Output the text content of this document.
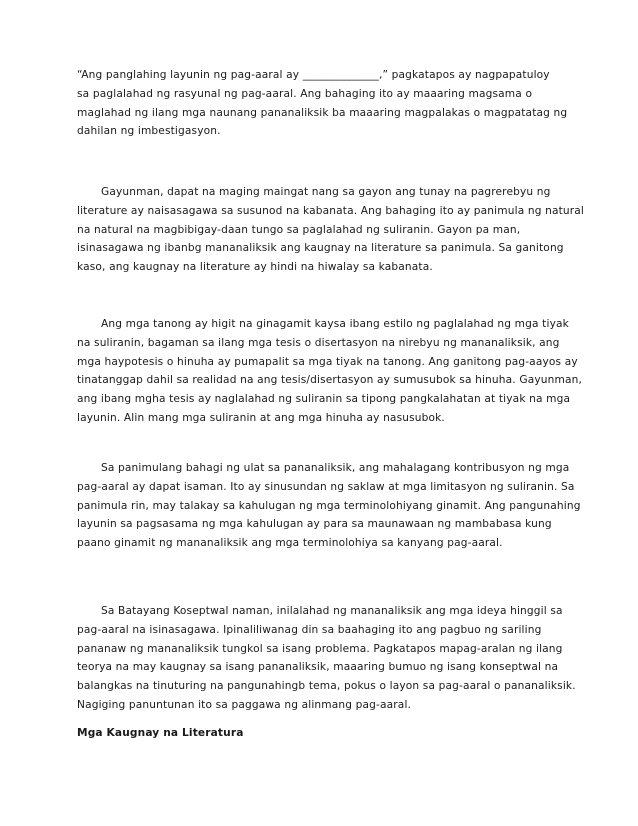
“Ang panglahing layunin ng pag-aaral ay ______________,” pagkatapos ay nagpapatuloy

sa paglalahad ng rasyunal ng pag-aaral. Ang bahaging ito ay maaaring magsama o

maglahad ng ilang mga naunang pananaliksik ba maaaring magpalakas o magpatatag ng

dahilan ng imbestigasyon.

Gayunman, dapat na maging maingat nang sa gayon ang tunay na pagrerebyu ng

literature ay naisasagawa sa susunod na kabanata. Ang bahaging ito ay panimula ng natural

na natural na magbibigay-daan tungo sa paglalahad ng suliranin. Gayon pa man,

isinasagawa ng ibanbg mananaliksik ang kaugnay na literature sa panimula. Sa ganitong

kaso, ang kaugnay na literature ay hindi na hiwalay sa kabanata.

Ang mga tanong ay higit na ginagamit kaysa ibang estilo ng paglalahad ng mga tiyak

na suliranin, bagaman sa ilang mga tesis o disertasyon na nirebyu ng mananaliksik, ang

mga haypotesis o hinuha ay pumapalit sa mga tiyak na tanong. Ang ganitong pag-aayos ay

tinatanggap dahil sa realidad na ang tesis/disertasyon ay sumusubok sa hinuha. Gayunman,

ang ibang mgha tesis ay naglalahad ng suliranin sa tipong pangkalahatan at tiyak na mga

layunin. Alin mang mga suliranin at ang mga hinuha ay nasusubok.

Sa panimulang bahagi ng ulat sa pananaliksik, ang mahalagang kontribusyon ng mga

pag-aaral ay dapat isaman. Ito ay sinusundan ng saklaw at mga limitasyon ng suliranin. Sa

panimula rin, may talakay sa kahulugan ng mga terminolohiyang ginamit. Ang pangunahing

layunin sa pagsasama ng mga kahulugan ay para sa maunawaan ng mambabasa kung

paano ginamit ng mananaliksik ang mga terminolohiya sa kanyang pag-aaral.

Sa Batayang Koseptwal naman, inilalahad ng mananaliksik ang mga ideya hinggil sa

pag-aaral na isinasagawa. Ipinaliliwanag din sa baahaging ito ang pagbuo ng sariling

pananaw ng mananaliksik tungkol sa isang problema. Pagkatapos mapag-aralan ng ilang

teorya na may kaugnay sa isang pananaliksik, maaaring bumuo ng isang konseptwal na

balangkas na tinuturing na pangunahingb tema, pokus o layon sa pag-aaral o pananaliksik.

Nagiging panuntunan ito sa paggawa ng alinmang pag-aaral.

Mga Kaugnay na Literatura
